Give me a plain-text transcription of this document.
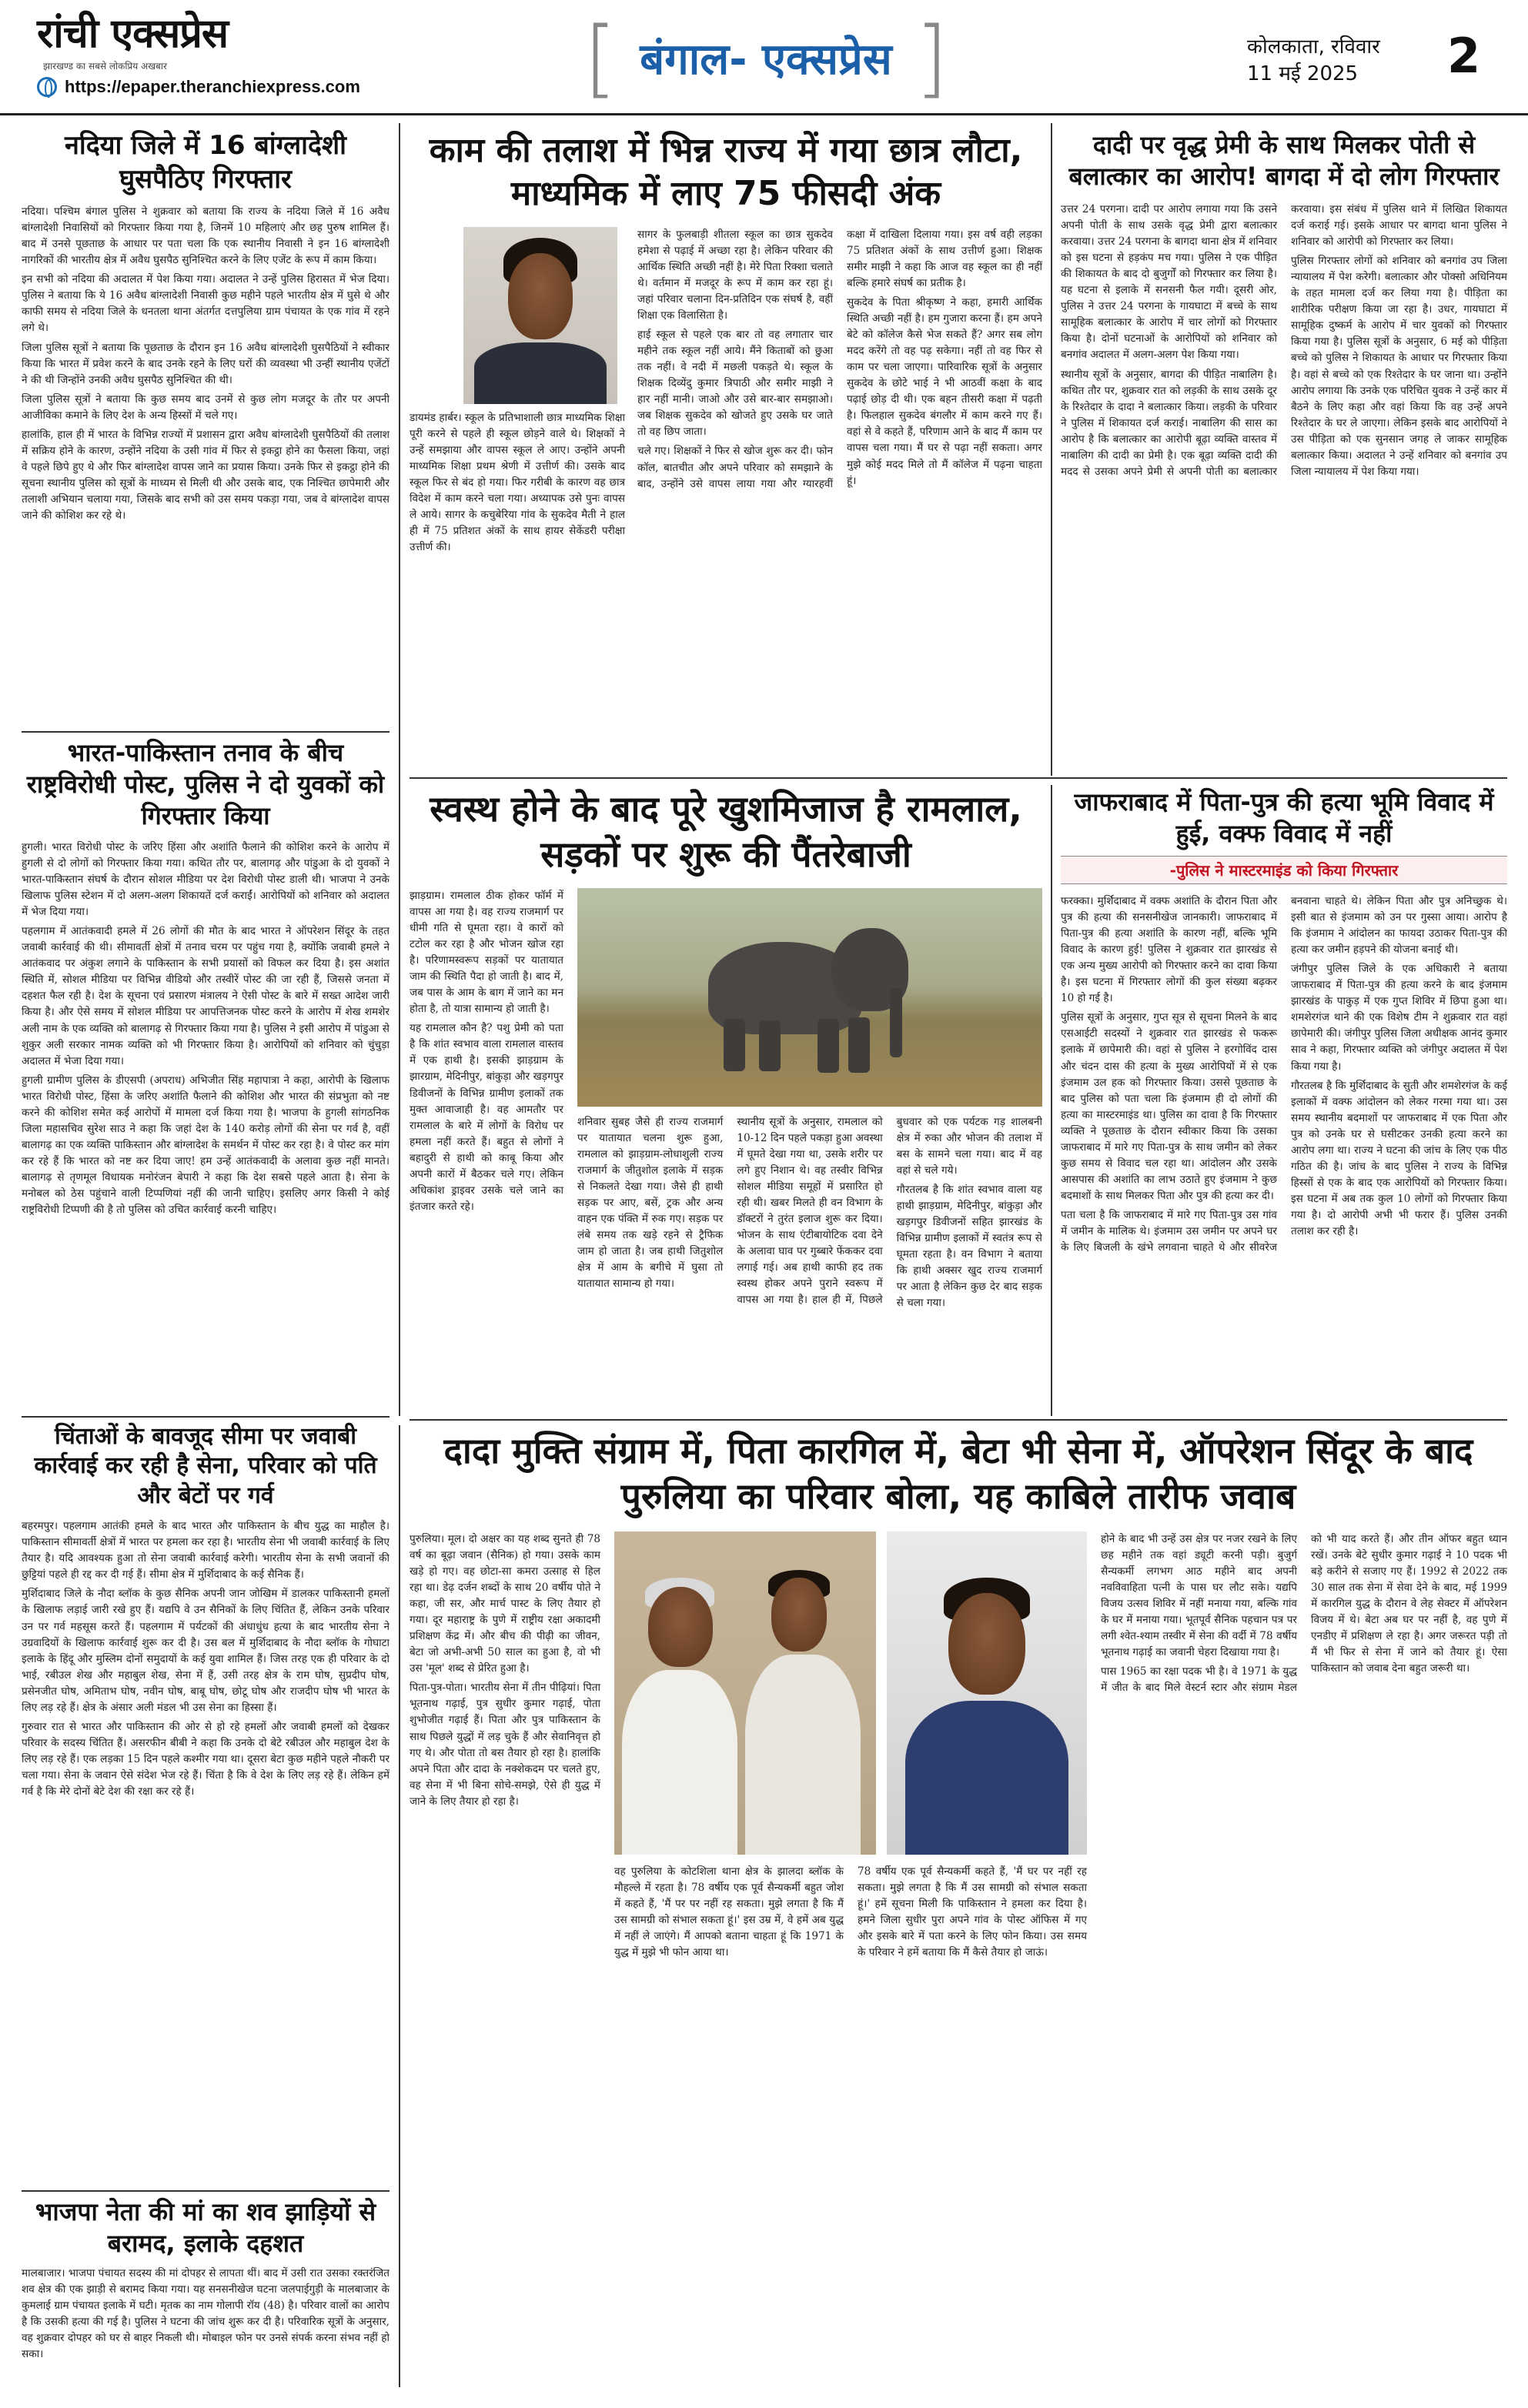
रांची एक्सप्रेस
झारखण्ड का सबसे लोकप्रिय अखबार
https://epaper.theranchiexpress.com	[ बंगाल- एक्सप्रेस ]	कोलकाता, रविवार
11 मई 2025	2
नदिया जिले में 16 बांग्लादेशी घुसपैठिए गिरफ्तार

नदिया। पश्चिम बंगाल पुलिस ने शुक्रवार को बताया कि राज्य के नदिया जिले में 16 अवैध बांग्लादेशी निवासियों को गिरफ्तार किया गया है, जिनमें 10 महिलाएं और छह पुरुष शामिल हैं। बाद में उनसे पूछताछ के आधार पर पता चला कि एक स्थानीय निवासी ने इन 16 बांग्लादेशी नागरिकों की भारतीय क्षेत्र में अवैध घुसपैठ सुनिश्चित करने के लिए एजेंट के रूप में काम किया।

इन सभी को नदिया की अदालत में पेश किया गया। अदालत ने उन्हें पुलिस हिरासत में भेज दिया। पुलिस ने बताया कि ये 16 अवैध बांग्लादेशी निवासी कुछ महीने पहले भारतीय क्षेत्र में घुसे थे और काफी समय से नदिया जिले के धनतला थाना अंतर्गत दत्तपुलिया ग्राम पंचायत के एक गांव में रहने लगे थे।

जिला पुलिस सूत्रों ने बताया कि पूछताछ के दौरान इन 16 अवैध बांग्लादेशी घुसपैठियों ने स्वीकार किया कि भारत में प्रवेश करने के बाद उनके रहने के लिए घरों की व्यवस्था भी उन्हीं स्थानीय एजेंटों ने की थी जिन्होंने उनकी अवैध घुसपैठ सुनिश्चित की थी।

जिला पुलिस सूत्रों ने बताया कि कुछ समय बाद उनमें से कुछ लोग मजदूर के तौर पर अपनी आजीविका कमाने के लिए देश के अन्य हिस्सों में चले गए।

हालांकि, हाल ही में भारत के विभिन्न राज्यों में प्रशासन द्वारा अवैध बांग्लादेशी घुसपैठियों की तलाश में सक्रिय होने के कारण, उन्होंने नदिया के उसी गांव में फिर से इकट्ठा होने का फैसला किया, जहां वे पहले छिपे हुए थे और फिर बांग्लादेश वापस जाने का प्रयास किया। उनके फिर से इकट्ठा होने की सूचना स्थानीय पुलिस को सूत्रों के माध्यम से मिली थी और उसके बाद, एक निश्चित छापेमारी और तलाशी अभियान चलाया गया, जिसके बाद सभी को उस समय पकड़ा गया, जब वे बांग्लादेश वापस जाने की कोशिश कर रहे थे।

भारत-पाकिस्तान तनाव के बीच राष्ट्रविरोधी पोस्ट, पुलिस ने दो युवकों को गिरफ्तार किया

हुगली। भारत विरोधी पोस्ट के जरिए हिंसा और अशांति फैलाने की कोशिश करने के आरोप में हुगली से दो लोगों को गिरफ्तार किया गया। कथित तौर पर, बालागढ़ और पांडुआ के दो युवकों ने भारत-पाकिस्तान संघर्ष के दौरान सोशल मीडिया पर देश विरोधी पोस्ट डाली थी। भाजपा ने उनके खिलाफ पुलिस स्टेशन में दो अलग-अलग शिकायतें दर्ज कराईं। आरोपियों को शनिवार को अदालत में भेज दिया गया।

पहलगाम में आतंकवादी हमले में 26 लोगों की मौत के बाद भारत ने ऑपरेशन सिंदूर के तहत जवाबी कार्रवाई की थी। सीमावर्ती क्षेत्रों में तनाव चरम पर पहुंच गया है, क्योंकि जवाबी हमले ने आतंकवाद पर अंकुश लगाने के पाकिस्तान के सभी प्रयासों को विफल कर दिया है। इस अशांत स्थिति में, सोशल मीडिया पर विभिन्न वीडियो और तस्वीरें पोस्ट की जा रही हैं, जिससे जनता में दहशत फैल रही है। देश के सूचना एवं प्रसारण मंत्रालय ने ऐसी पोस्ट के बारे में सख्त आदेश जारी किया है। और ऐसे समय में सोशल मीडिया पर आपत्तिजनक पोस्ट करने के आरोप में शेख शमशेर अली नाम के एक व्यक्ति को बालागढ़ से गिरफ्तार किया गया है। पुलिस ने इसी आरोप में पांडुआ से शुकुर अली सरकार नामक व्यक्ति को भी गिरफ्तार किया है। आरोपियों को शनिवार को चुंचुड़ा अदालत में भेजा दिया गया।

हुगली ग्रामीण पुलिस के डीएसपी (अपराध) अभिजीत सिंह महापात्रा ने कहा, आरोपी के खिलाफ भारत विरोधी पोस्ट, हिंसा के जरिए अशांति फैलाने की कोशिश और भारत की संप्रभुता को नष्ट करने की कोशिश समेत कई आरोपों में मामला दर्ज किया गया है। भाजपा के हुगली सांगठनिक जिला महासचिव सुरेश साउ ने कहा कि जहां देश के 140 करोड़ लोगों की सेना पर गर्व है, वहीं बालागढ़ का एक व्यक्ति पाकिस्तान और बांग्लादेश के समर्थन में पोस्ट कर रहा है। वे पोस्ट कर मांग कर रहे हैं कि भारत को नष्ट कर दिया जाए! हम उन्हें आतंकवादी के अलावा कुछ नहीं मानते। बालागढ़ से तृणमूल विधायक मनोरंजन बेपारी ने कहा कि देश सबसे पहले आता है। सेना के मनोबल को ठेस पहुंचाने वाली टिप्पणियां नहीं की जानी चाहिए। इसलिए अगर किसी ने कोई राष्ट्रविरोधी टिप्पणी की है तो पुलिस को उचित कार्रवाई करनी चाहिए।

चिंताओं के बावजूद सीमा पर जवाबी कार्रवाई कर रही है सेना, परिवार को पति और बेटों पर गर्व

बहरमपुर। पहलगाम आतंकी हमले के बाद भारत और पाकिस्तान के बीच युद्ध का माहौल है। पाकिस्तान सीमावर्ती क्षेत्रों में भारत पर हमला कर रहा है। भारतीय सेना भी जवाबी कार्रवाई के लिए तैयार है। यदि आवश्यक हुआ तो सेना जवाबी कार्रवाई करेगी। भारतीय सेना के सभी जवानों की छुट्टियां पहले ही रद्द कर दी गई हैं। सीमा क्षेत्र में मुर्शिदाबाद के कई सैनिक हैं।

मुर्शिदाबाद जिले के नौदा ब्लॉक के कुछ सैनिक अपनी जान जोखिम में डालकर पाकिस्तानी हमलों के खिलाफ लड़ाई जारी रखे हुए हैं। यद्यपि वे उन सैनिकों के लिए चिंतित हैं, लेकिन उनके परिवार उन पर गर्व महसूस करते हैं। पहलगाम में पर्यटकों की अंधाधुंध हत्या के बाद भारतीय सेना ने उग्रवादियों के खिलाफ कार्रवाई शुरू कर दी है। उस बल में मुर्शिदाबाद के नौदा ब्लॉक के गोघाटा इलाके के हिंदू और मुस्लिम दोनों समुदायों के कई युवा शामिल हैं। जिस तरह एक ही परिवार के दो भाई, रबीउल शेख और महाबुल शेख, सेना में हैं, उसी तरह क्षेत्र के राम घोष, सुप्रदीप घोष, प्रसेनजीत घोष, अमिताभ घोष, नवीन घोष, बाबू घोष, छोटू घोष और राजदीप घोष भी भारत के लिए लड़ रहे हैं। क्षेत्र के अंसार अली मंडल भी उस सेना का हिस्सा हैं।

गुरुवार रात से भारत और पाकिस्तान की ओर से हो रहे हमलों और जवाबी हमलों को देखकर परिवार के सदस्य चिंतित हैं। असरफीन बीबी ने कहा कि उनके दो बेटे रबीउल और महाबुल देश के लिए लड़ रहे हैं। एक लड़का 15 दिन पहले कश्मीर गया था। दूसरा बेटा कुछ महीने पहले नौकरी पर चला गया। सेना के जवान ऐसे संदेश भेज रहे हैं। चिंता है कि वे देश के लिए लड़ रहे हैं। लेकिन हमें गर्व है कि मेरे दोनों बेटे देश की रक्षा कर रहे हैं।

भाजपा नेता की मां का शव झाड़ियों से बरामद, इलाके दहशत

मालबाजार। भाजपा पंचायत सदस्य की मां दोपहर से लापता थीं। बाद में उसी रात उसका रक्तरंजित शव क्षेत्र की एक झाड़ी से बरामद किया गया। यह सनसनीखेज घटना जलपाईगुड़ी के मालबाजार के कुमलाई ग्राम पंचायत इलाके में घटी। मृतक का नाम गोलापी रॉय (48) है। परिवार वालों का आरोप है कि उसकी हत्या की गई है। पुलिस ने घटना की जांच शुरू कर दी है। परिवारिक सूत्रों के अनुसार, वह शुक्रवार दोपहर को घर से बाहर निकली थी। मोबाइल फोन पर उनसे संपर्क करना संभव नहीं हो सका।

काम की तलाश में भिन्न राज्य में गया छात्र लौटा, माध्यमिक में लाए 75 फीसदी अंक

डायमंड हार्बर। स्कूल के प्रतिभाशाली छात्र माध्यमिक शिक्षा पूरी करने से पहले ही स्कूल छोड़ने वाले थे। शिक्षकों ने उन्हें समझाया और वापस स्कूल ले आए। उन्होंने अपनी माध्यमिक शिक्षा प्रथम श्रेणी में उत्तीर्ण की। उसके बाद स्कूल फिर से बंद हो गया। फिर गरीबी के कारण वह छात्र विदेश में काम करने चला गया। अध्यापक उसे पुनः वापस ले आये। सागर के कचुबेरिया गांव के सुकदेव मैती ने हाल ही में 75 प्रतिशत अंकों के साथ हायर सेकेंडरी परीक्षा उत्तीर्ण की।

सागर के फुलबाड़ी शीतला स्कूल का छात्र सुकदेव हमेशा से पढ़ाई में अच्छा रहा है। लेकिन परिवार की आर्थिक स्थिति अच्छी नहीं है। मेरे पिता रिक्शा चलाते थे। वर्तमान में मजदूर के रूप में काम कर रहा हूं। जहां परिवार चलाना दिन-प्रतिदिन एक संघर्ष है, वहीं शिक्षा एक विलासिता है।

हाई स्कूल से पहले एक बार तो वह लगातार चार महीने तक स्कूल नहीं आये। मैंने किताबों को छुआ तक नहीं। वे नदी में मछली पकड़ते थे। स्कूल के शिक्षक दिव्येंदु कुमार त्रिपाठी और समीर माझी ने हार नहीं मानी। जाओ और उसे बार-बार समझाओ। जब शिक्षक सुकदेव को खोजते हुए उसके घर जाते तो वह छिप जाता।

चले गए। शिक्षकों ने फिर से खोज शुरू कर दी। फोन कॉल, बातचीत और अपने परिवार को समझाने के बाद, उन्होंने उसे वापस लाया गया और ग्यारहवीं कक्षा में दाखिला दिलाया गया। इस वर्ष वही लड़का 75 प्रतिशत अंकों के साथ उत्तीर्ण हुआ। शिक्षक समीर माझी ने कहा कि आज वह स्कूल का ही नहीं बल्कि हमारे संघर्ष का प्रतीक है।

सुकदेव के पिता श्रीकृष्ण ने कहा, हमारी आर्थिक स्थिति अच्छी नहीं है। हम गुजारा करना हैं। हम अपने बेटे को कॉलेज कैसे भेज सकते हैं? अगर सब लोग मदद करेंगे तो वह पढ़ सकेगा। नहीं तो वह फिर से काम पर चला जाएगा। पारिवारिक सूत्रों के अनुसार सुकदेव के छोटे भाई ने भी आठवीं कक्षा के बाद पढ़ाई छोड़ दी थी। एक बहन तीसरी कक्षा में पढ़ती है। फिलहाल सुकदेव बंगलौर में काम करने गए हैं। वहां से वे कहते हैं, परिणाम आने के बाद मैं काम पर वापस चला गया। मैं घर से पढ़ा नहीं सकता। अगर मुझे कोई मदद मिले तो मैं कॉलेज में पढ़ना चाहता हूं।

दादी पर वृद्ध प्रेमी के साथ मिलकर पोती से बलात्कार का आरोप! बागदा में दो लोग गिरफ्तार

उत्तर 24 परगना। दादी पर आरोप लगाया गया कि उसने अपनी पोती के साथ उसके वृद्ध प्रेमी द्वारा बलात्कार करवाया। उत्तर 24 परगना के बागदा थाना क्षेत्र में शनिवार को इस घटना से हड़कंप मच गया। पुलिस ने एक पीड़ित की शिकायत के बाद दो बुजुर्गों को गिरफ्तार कर लिया है। यह घटना से इलाके में सनसनी फैल गयी। दूसरी ओर, पुलिस ने उत्तर 24 परगना के गायघाटा में बच्चे के साथ सामूहिक बलात्कार के आरोप में चार लोगों को गिरफ्तार किया है। दोनों घटनाओं के आरोपियों को शनिवार को बनगांव अदालत में अलग-अलग पेश किया गया।

स्थानीय सूत्रों के अनुसार, बागदा की पीड़ित नाबालिग है। कथित तौर पर, शुक्रवार रात को लड़की के साथ उसके दूर के रिश्तेदार के दादा ने बलात्कार किया। लड़की के परिवार ने पुलिस में शिकायत दर्ज कराई। नाबालिग की सास का आरोप है कि बलात्कार का आरोपी बूढ़ा व्यक्ति वास्तव में नाबालिग की दादी का प्रेमी है। एक बूढ़ा व्यक्ति दादी की मदद से उसका अपने प्रेमी से अपनी पोती का बलात्कार करवाया। इस संबंध में पुलिस थाने में लिखित शिकायत दर्ज कराई गई। इसके आधार पर बागदा थाना पुलिस ने शनिवार को आरोपी को गिरफ्तार कर लिया।

पुलिस गिरफ्तार लोगों को शनिवार को बनगांव उप जिला न्यायालय में पेश करेगी। बलात्कार और पोक्सो अधिनियम के तहत मामला दर्ज कर लिया गया है। पीड़िता का शारीरिक परीक्षण किया जा रहा है। उधर, गायघाटा में सामूहिक दुष्कर्म के आरोप में चार युवकों को गिरफ्तार किया गया है। पुलिस सूत्रों के अनुसार, 6 मई को पीड़िता बच्चे को पुलिस ने शिकायत के आधार पर गिरफ्तार किया है। वहां से बच्चे को एक रिश्तेदार के घर जाना था। उन्होंने आरोप लगाया कि उनके एक परिचित युवक ने उन्हें कार में बैठने के लिए कहा और वहां किया कि वह उन्हें अपने रिश्तेदार के घर ले जाएगा। लेकिन इसके बाद आरोपियों ने उस पीड़िता को एक सुनसान जगह ले जाकर सामूहिक बलात्कार किया। अदालत ने उन्हें शनिवार को बनगांव उप जिला न्यायालय में पेश किया गया।

स्वस्थ होने के बाद पूरे खुशमिजाज है रामलाल, सड़कों पर शुरू की पैंतरेबाजी

झाड़ग्राम। रामलाल ठीक होकर फॉर्म में वापस आ गया है। वह राज्य राजमार्ग पर धीमी गति से घूमता रहा। वे कारों को टटोल कर रहा है और भोजन खोज रहा है। परिणामस्वरूप सड़कों पर यातायात जाम की स्थिति पैदा हो जाती है। बाद में, जब पास के आम के बाग में जाने का मन होता है, तो यात्रा सामान्य हो जाती है।

यह रामलाल कौन है? पशु प्रेमी को पता है कि शांत स्वभाव वाला रामलाल वास्तव में एक हाथी है। इसकी झाड़ग्राम के झारग्राम, मेदिनीपुर, बांकुड़ा और खड़गपुर डिवीजनों के विभिन्न ग्रामीण इलाकों तक मुक्त आवाजाही है। वह आमतौर पर रामलाल के बारे में लोगों के विरोध पर हमला नहीं करते हैं। बहुत से लोगों ने बहादुरी से हाथी को काबू किया और अपनी कारों में बैठकर चले गए। लेकिन अधिकांश ड्राइवर उसके चले जाने का इंतजार करते रहे।

शनिवार सुबह जैसे ही राज्य राजमार्ग पर यातायात चलना शुरू हुआ, रामलाल को झाड़ग्राम-लोधाशुली राज्य राजमार्ग के जीतुशोल इलाके में सड़क से निकलते देखा गया। जैसे ही हाथी सड़क पर आए, बसें, ट्रक और अन्य वाहन एक पंक्ति में रुक गए। सड़क पर लंबे समय तक खड़े रहने से ट्रैफिक जाम हो जाता है। जब हाथी जितुशोल क्षेत्र में आम के बगीचे में घुसा तो यातायात सामान्य हो गया।

स्थानीय सूत्रों के अनुसार, रामलाल को 10-12 दिन पहले पकड़ा हुआ अवस्था में घूमते देखा गया था, उसके शरीर पर लगे हुए निशान थे। वह तस्वीर विभिन्न सोशल मीडिया समूहों में प्रसारित हो रही थी। खबर मिलते ही वन विभाग के डॉक्टरों ने तुरंत इलाज शुरू कर दिया। भोजन के साथ एंटीबायोटिक दवा देने के अलावा घाव पर गुब्बारे फेंककर दवा लगाई गई। अब हाथी काफी हद तक स्वस्थ होकर अपने पुराने स्वरूप में वापस आ गया है। हाल ही में, पिछले बुधवार को एक पर्यटक गड़ शालबनी क्षेत्र में रुका और भोजन की तलाश में बस के सामने चला गया। बाद में वह वहां से चले गये।

गौरतलब है कि शांत स्वभाव वाला यह हाथी झाड़ग्राम, मेदिनीपुर, बांकुड़ा और खड़गपुर डिवीजनों सहित झारखंड के विभिन्न ग्रामीण इलाकों में स्वतंत्र रूप से घूमता रहता है। वन विभाग ने बताया कि हाथी अक्सर खुद राज्य राजमार्ग पर आता है लेकिन कुछ देर बाद सड़क से चला गया।

जाफराबाद में पिता-पुत्र की हत्या भूमि विवाद में हुई, वक्फ विवाद में नहीं
-पुलिस ने मास्टरमाइंड को किया गिरफ्तार

फरक्का। मुर्शिदाबाद में वक्फ अशांति के दौरान पिता और पुत्र की हत्या की सनसनीखेज जानकारी। जाफराबाद में पिता-पुत्र की हत्या अशांति के कारण नहीं, बल्कि भूमि विवाद के कारण हुई! पुलिस ने शुक्रवार रात झारखंड से एक अन्य मुख्य आरोपी को गिरफ्तार करने का दावा किया है। इस घटना में गिरफ्तार लोगों की कुल संख्या बढ़कर 10 हो गई है।

पुलिस सूत्रों के अनुसार, गुप्त सूत्र से सूचना मिलने के बाद एसआईटी सदस्यों ने शुक्रवार रात झारखंड से फकरू इलाके में छापेमारी की। वहां से पुलिस ने हरगोविंद दास और चंदन दास की हत्या के मुख्य आरोपियों में से एक इंजमाम उल हक को गिरफ्तार किया। उससे पूछताछ के बाद पुलिस को पता चला कि इंजमाम ही दो लोगों की हत्या का मास्टरमाइंड था। पुलिस का दावा है कि गिरफ्तार व्यक्ति ने पूछताछ के दौरान स्वीकार किया कि उसका जाफराबाद में मारे गए पिता-पुत्र के साथ जमीन को लेकर कुछ समय से विवाद चल रहा था। आंदोलन और उसके आसपास की अशांति का लाभ उठाते हुए इंजमाम ने कुछ बदमाशों के साथ मिलकर पिता और पुत्र की हत्या कर दी।

पता चला है कि जाफराबाद में मारे गए पिता-पुत्र उस गांव में जमीन के मालिक थे। इंजमाम उस जमीन पर अपने घर के लिए बिजली के खंभे लगवाना चाहते थे और सीवरेज बनवाना चाहते थे। लेकिन पिता और पुत्र अनिच्छुक थे। इसी बात से इंजमाम को उन पर गुस्सा आया। आरोप है कि इंजमाम ने आंदोलन का फायदा उठाकर पिता-पुत्र की हत्या कर जमीन हड़पने की योजना बनाई थी।

जंगीपुर पुलिस जिले के एक अधिकारी ने बताया जाफराबाद में पिता-पुत्र की हत्या करने के बाद इंजमाम झारखंड के पाकुड़ में एक गुप्त शिविर में छिपा हुआ था। शमशेरगंज थाने की एक विशेष टीम ने शुक्रवार रात वहां छापेमारी की। जंगीपुर पुलिस जिला अधीक्षक आनंद कुमार साव ने कहा, गिरफ्तार व्यक्ति को जंगीपुर अदालत में पेश किया गया है।

गौरतलब है कि मुर्शिदाबाद के सुती और शमशेरगंज के कई इलाकों में वक्फ आंदोलन को लेकर गरमा गया था। उस समय स्थानीय बदमाशों पर जाफराबाद में एक पिता और पुत्र को उनके घर से घसीटकर उनकी हत्या करने का आरोप लगा था। राज्य ने घटना की जांच के लिए एक पीठ गठित की है। जांच के बाद पुलिस ने राज्य के विभिन्न हिस्सों से एक के बाद एक आरोपियों को गिरफ्तार किया। इस घटना में अब तक कुल 10 लोगों को गिरफ्तार किया गया है। दो आरोपी अभी भी फरार हैं। पुलिस उनकी तलाश कर रही है।

दादा मुक्ति संग्राम में, पिता कारगिल में, बेटा भी सेना में, ऑपरेशन सिंदूर के बाद पुरुलिया का परिवार बोला, यह काबिले तारीफ जवाब

पुरुलिया। मूल। दो अक्षर का यह शब्द सुनते ही 78 वर्ष का बूढ़ा जवान (सैनिक) हो गया। उसके काम खड़े हो गए। वह छोटा-सा कमरा उत्साह से हिल रहा था। डेढ़ दर्जन शब्दों के साथ 20 वर्षीय पोते ने कहा, जी सर, और मार्च पास्ट के लिए तैयार हो गया। दूर महाराष्ट्र के पुणे में राष्ट्रीय रक्षा अकादमी प्रशिक्षण केंद्र में। और बीच की पीढ़ी का जीवन, बेटा जो अभी-अभी 50 साल का हुआ है, वो भी उस 'मूल' शब्द से प्रेरित हुआ है।

पिता-पुत्र-पोता। भारतीय सेना में तीन पीढ़ियां। पिता भूतनाथ गढ़ाई, पुत्र सुधीर कुमार गढ़ाई, पोता शुभोजीत गढ़ाई हैं। पिता और पुत्र पाकिस्तान के साथ पिछले युद्धों में लड़ चुके हैं और सेवानिवृत्त हो गए थे। और पोता तो बस तैयार हो रहा है। हालांकि अपने पिता और दादा के नक्शेकदम पर चलते हुए, वह सेना में भी बिना सोचे-समझे, ऐसे ही युद्ध में जाने के लिए तैयार हो रहा है।

वह पुरुलिया के कोटशिला थाना क्षेत्र के झालदा ब्लॉक के मौहल्ले में रहता है। 78 वर्षीय एक पूर्व सैन्यकर्मी बहुत जोश में कहते हैं, 'मैं पर पर नहीं रह सकता। मुझे लगता है कि मैं उस सामग्री को संभाल सकता हूं।' इस उम्र में, वे हमें अब युद्ध में नहीं ले जाएंगे। मैं आपको बताना चाहता हूं कि 1971 के युद्ध में मुझे भी फोन आया था।

78 वर्षीय एक पूर्व सैन्यकर्मी कहते हैं, 'मैं घर पर नहीं रह सकता। मुझे लगता है कि मैं उस सामग्री को संभाल सकता हूं।' हमें सूचना मिली कि पाकिस्तान ने हमला कर दिया है। हमने जिला सुधीर पुरा अपने गांव के पोस्ट ऑफिस में गए और इसके बारे में पता करने के लिए फोन किया। उस समय के परिवार ने हमें बताया कि मैं कैसे तैयार हो जाऊं।

होने के बाद भी उन्हें उस क्षेत्र पर नजर रखने के लिए छह महीने तक वहां ड्यूटी करनी पड़ी। बुजुर्ग सैन्यकर्मी लगभग आठ महीने बाद अपनी नवविवाहिता पत्नी के पास घर लौट सके। यद्यपि विजय उत्सव शिविर में नहीं मनाया गया, बल्कि गांव के घर में मनाया गया। भूतपूर्व सैनिक पहचान पत्र पर लगी श्वेत-श्याम तस्वीर में सेना की वर्दी में 78 वर्षीय भूतनाथ गढ़ाई का जवानी चेहरा दिखाया गया है।

पास 1965 का रक्षा पदक भी है। वे 1971 के युद्ध में जीत के बाद मिले वेस्टर्न स्टार और संग्राम मेडल को भी याद करते हैं। और तीन ऑफर बहुत ध्यान रखें। उनके बेटे सुधीर कुमार गढ़ाई ने 10 पदक भी बड़े करीने से सजाए गए हैं। 1992 से 2022 तक 30 साल तक सेना में सेवा देने के बाद, मई 1999 में कारगिल युद्ध के दौरान वे लेह सेक्टर में ऑपरेशन विजय में थे। बेटा अब घर पर नहीं है, वह पुणे में एनडीए में प्रशिक्षण ले रहा है। अगर जरूरत पड़ी तो मैं भी फिर से सेना में जाने को तैयार हूं। ऐसा पाकिस्तान को जवाब देना बहुत जरूरी था।
